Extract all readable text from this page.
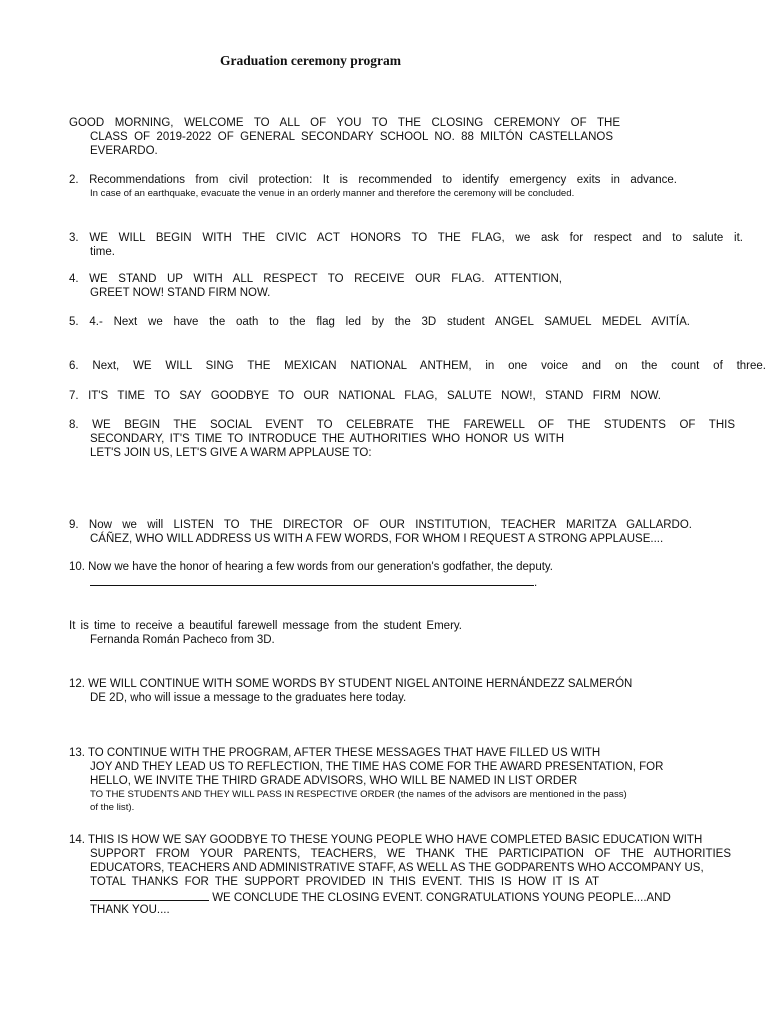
Graduation ceremony program
GOOD MORNING, WELCOME TO ALL OF YOU TO THE CLOSING CEREMONY OF THE
CLASS OF 2019-2022 OF GENERAL SECONDARY SCHOOL NO. 88 MILTÓN CASTELLANOS
EVERARDO.
2. Recommendations from civil protection: It is recommended to identify emergency exits in advance.
In case of an earthquake, evacuate the venue in an orderly manner and therefore the ceremony will be concluded.
3. WE WILL BEGIN WITH THE CIVIC ACT HONORS TO THE FLAG, we ask for respect and to salute it.
time.
4. WE STAND UP WITH ALL RESPECT TO RECEIVE OUR FLAG. ATTENTION,
GREET NOW! STAND FIRM NOW.
5. 4.- Next we have the oath to the flag led by the 3D student ANGEL SAMUEL MEDEL AVITÍA.
6. Next, WE WILL SING THE MEXICAN NATIONAL ANTHEM, in one voice and on the count of three.
7. IT'S TIME TO SAY GOODBYE TO OUR NATIONAL FLAG, SALUTE NOW!, STAND FIRM NOW.
8. WE BEGIN THE SOCIAL EVENT TO CELEBRATE THE FAREWELL OF THE STUDENTS OF THIS
SECONDARY, IT'S TIME TO INTRODUCE THE AUTHORITIES WHO HONOR US WITH
LET'S JOIN US, LET'S GIVE A WARM APPLAUSE TO:
9. Now we will LISTEN TO THE DIRECTOR OF OUR INSTITUTION, TEACHER MARITZA GALLARDO.
CÁÑEZ, WHO WILL ADDRESS US WITH A FEW WORDS, FOR WHOM I REQUEST A STRONG APPLAUSE....
10. Now we have the honor of hearing a few words from our generation's godfather, the deputy.
.
It is time to receive a beautiful farewell message from the student Emery.
Fernanda Román Pacheco from 3D.
12. WE WILL CONTINUE WITH SOME WORDS BY STUDENT NIGEL ANTOINE HERNÁNDEZZ SALMERÓN
DE 2D, who will issue a message to the graduates here today.
13. TO CONTINUE WITH THE PROGRAM, AFTER THESE MESSAGES THAT HAVE FILLED US WITH
JOY AND THEY LEAD US TO REFLECTION, THE TIME HAS COME FOR THE AWARD PRESENTATION, FOR
HELLO, WE INVITE THE THIRD GRADE ADVISORS, WHO WILL BE NAMED IN LIST ORDER
TO THE STUDENTS AND THEY WILL PASS IN RESPECTIVE ORDER (the names of the advisors are mentioned in the pass)
of the list).
14. THIS IS HOW WE SAY GOODBYE TO THESE YOUNG PEOPLE WHO HAVE COMPLETED BASIC EDUCATION WITH
SUPPORT FROM YOUR PARENTS, TEACHERS, WE THANK THE PARTICIPATION OF THE AUTHORITIES
EDUCATORS, TEACHERS AND ADMINISTRATIVE STAFF, AS WELL AS THE GODPARENTS WHO ACCOMPANY US,
TOTAL THANKS FOR THE SUPPORT PROVIDED IN THIS EVENT. THIS IS HOW IT IS AT
WE CONCLUDE THE CLOSING EVENT. CONGRATULATIONS YOUNG PEOPLE....AND
THANK YOU....
